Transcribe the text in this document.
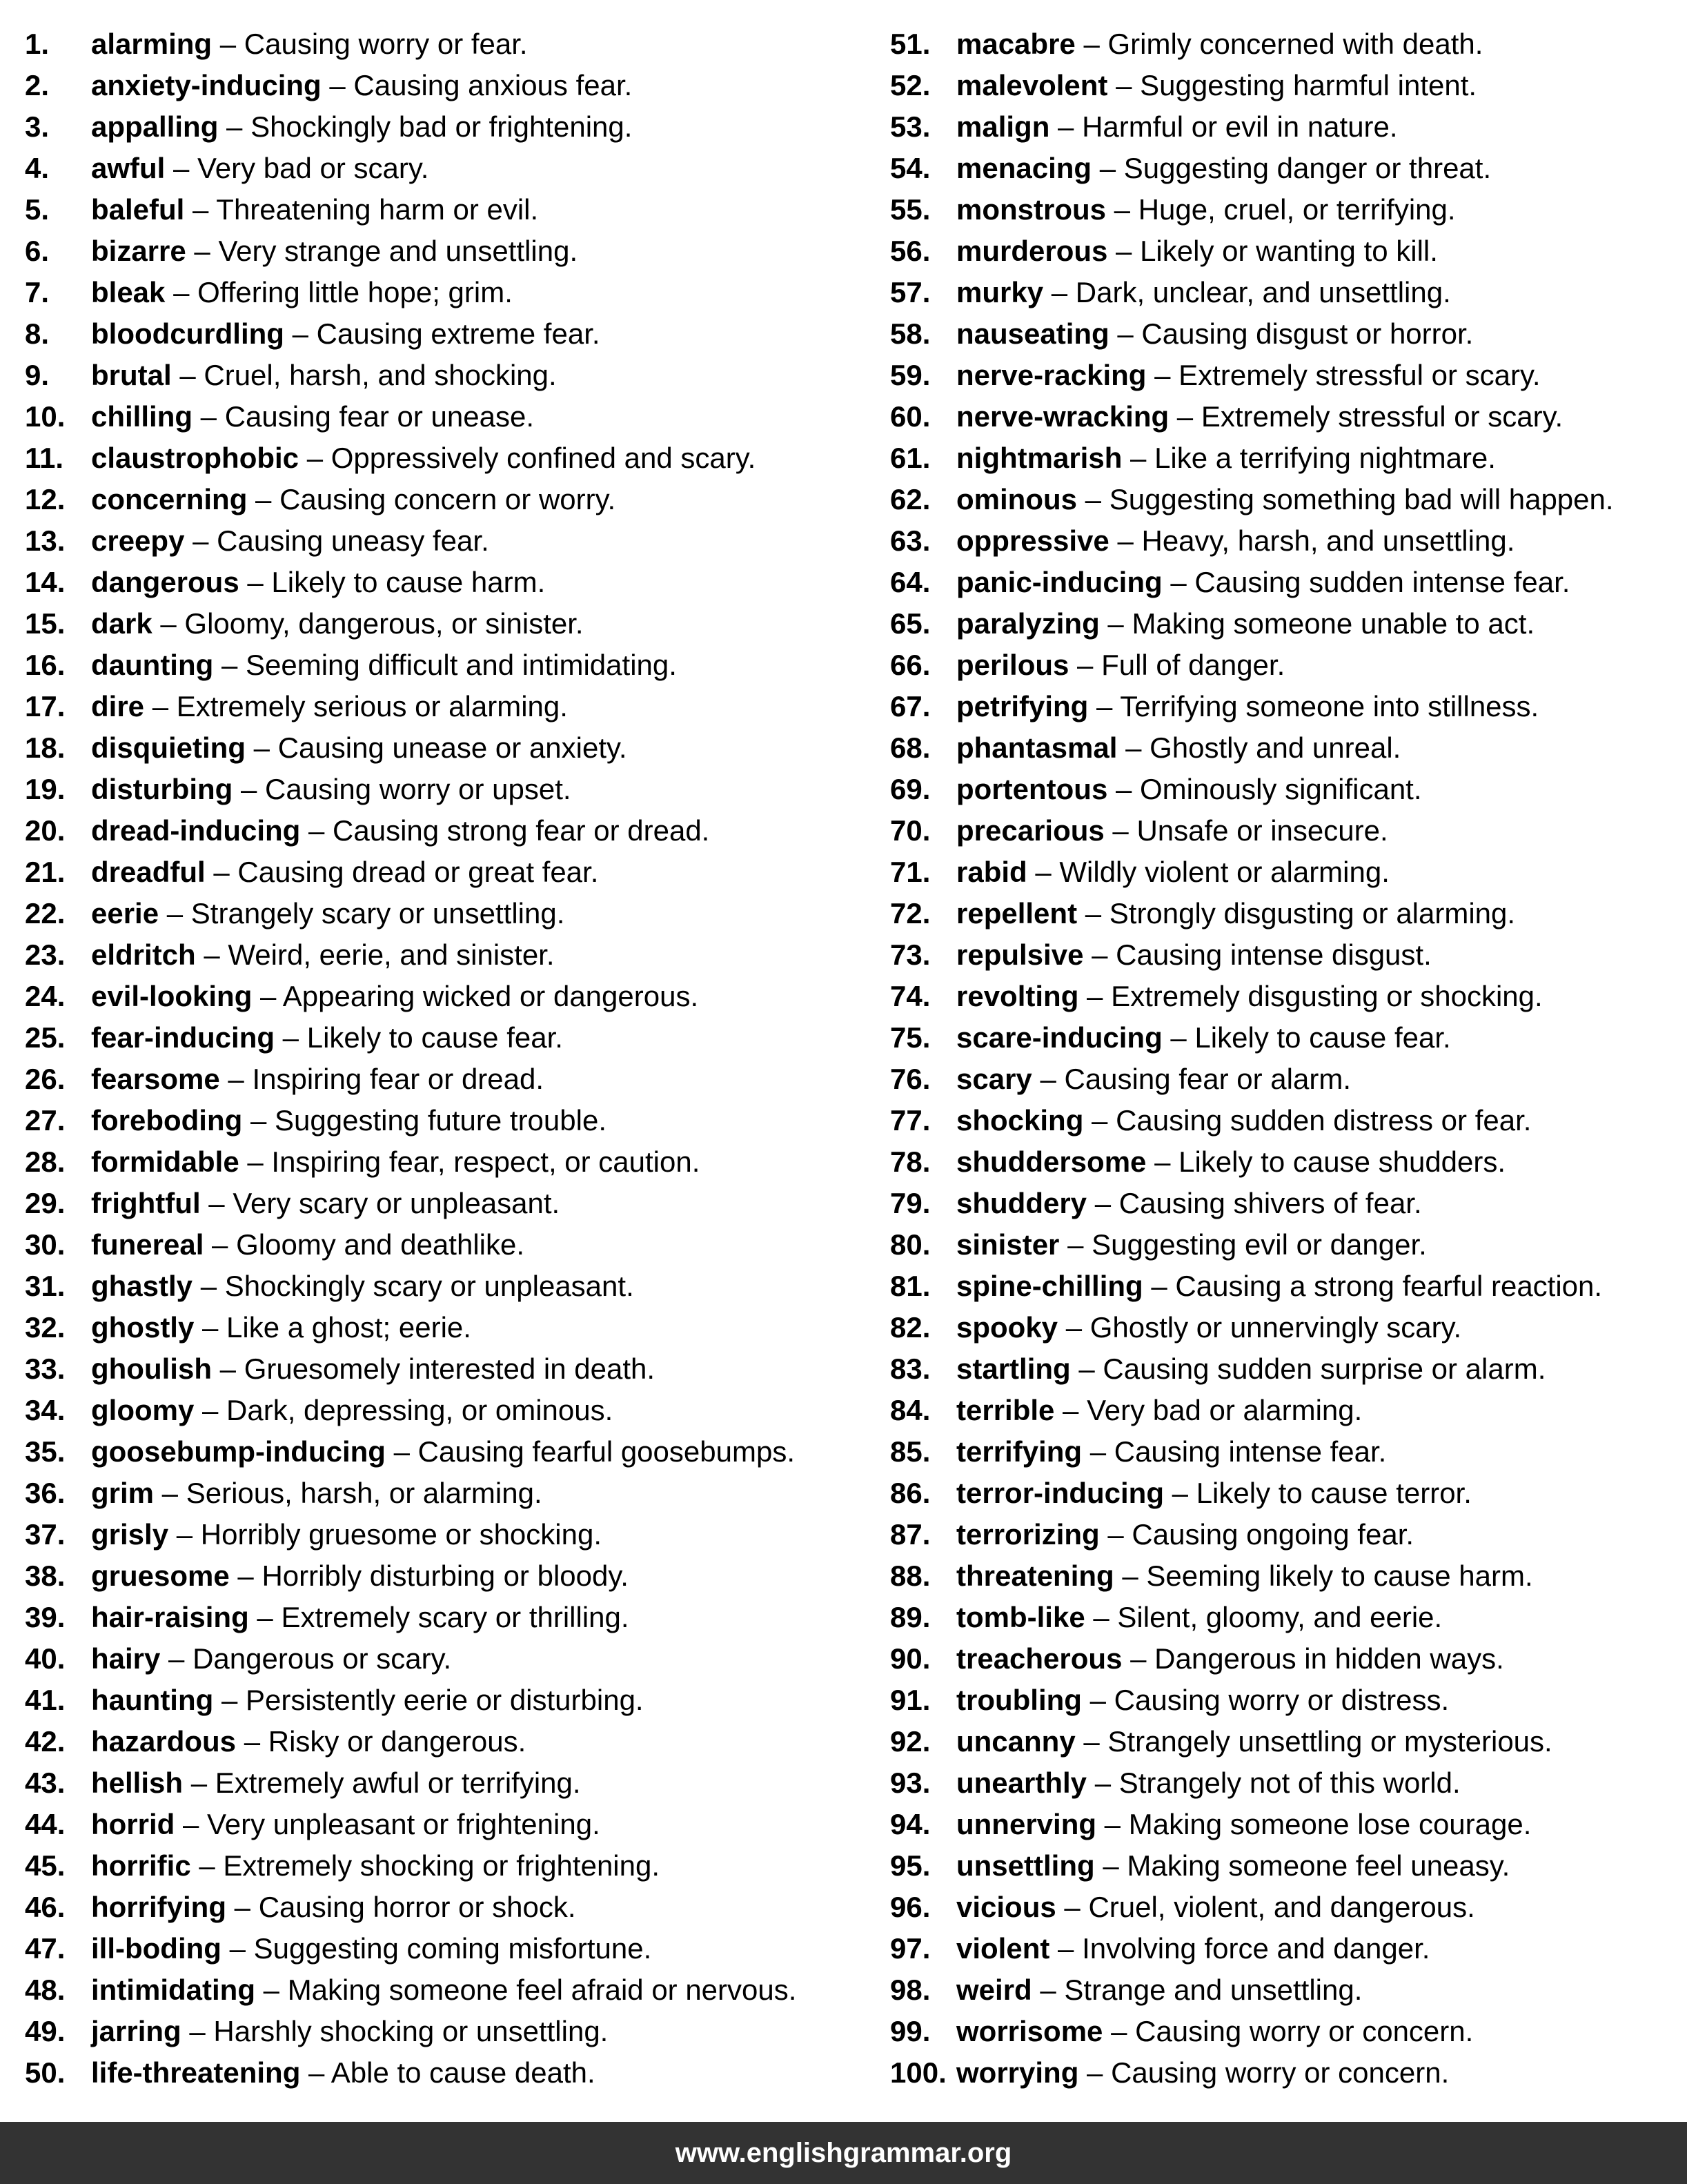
1. alarming – Causing worry or fear.
2. anxiety-inducing – Causing anxious fear.
3. appalling – Shockingly bad or frightening.
4. awful – Very bad or scary.
5. baleful – Threatening harm or evil.
6. bizarre – Very strange and unsettling.
7. bleak – Offering little hope; grim.
8. bloodcurdling – Causing extreme fear.
9. brutal – Cruel, harsh, and shocking.
10. chilling – Causing fear or unease.
11. claustrophobic – Oppressively confined and scary.
12. concerning – Causing concern or worry.
13. creepy – Causing uneasy fear.
14. dangerous – Likely to cause harm.
15. dark – Gloomy, dangerous, or sinister.
16. daunting – Seeming difficult and intimidating.
17. dire – Extremely serious or alarming.
18. disquieting – Causing unease or anxiety.
19. disturbing – Causing worry or upset.
20. dread-inducing – Causing strong fear or dread.
21. dreadful – Causing dread or great fear.
22. eerie – Strangely scary or unsettling.
23. eldritch – Weird, eerie, and sinister.
24. evil-looking – Appearing wicked or dangerous.
25. fear-inducing – Likely to cause fear.
26. fearsome – Inspiring fear or dread.
27. foreboding – Suggesting future trouble.
28. formidable – Inspiring fear, respect, or caution.
29. frightful – Very scary or unpleasant.
30. funereal – Gloomy and deathlike.
31. ghastly – Shockingly scary or unpleasant.
32. ghostly – Like a ghost; eerie.
33. ghoulish – Gruesomely interested in death.
34. gloomy – Dark, depressing, or ominous.
35. goosebump-inducing – Causing fearful goosebumps.
36. grim – Serious, harsh, or alarming.
37. grisly – Horribly gruesome or shocking.
38. gruesome – Horribly disturbing or bloody.
39. hair-raising – Extremely scary or thrilling.
40. hairy – Dangerous or scary.
41. haunting – Persistently eerie or disturbing.
42. hazardous – Risky or dangerous.
43. hellish – Extremely awful or terrifying.
44. horrid – Very unpleasant or frightening.
45. horrific – Extremely shocking or frightening.
46. horrifying – Causing horror or shock.
47. ill-boding – Suggesting coming misfortune.
48. intimidating – Making someone feel afraid or nervous.
49. jarring – Harshly shocking or unsettling.
50. life-threatening – Able to cause death.
51. macabre – Grimly concerned with death.
52. malevolent – Suggesting harmful intent.
53. malign – Harmful or evil in nature.
54. menacing – Suggesting danger or threat.
55. monstrous – Huge, cruel, or terrifying.
56. murderous – Likely or wanting to kill.
57. murky – Dark, unclear, and unsettling.
58. nauseating – Causing disgust or horror.
59. nerve-racking – Extremely stressful or scary.
60. nerve-wracking – Extremely stressful or scary.
61. nightmarish – Like a terrifying nightmare.
62. ominous – Suggesting something bad will happen.
63. oppressive – Heavy, harsh, and unsettling.
64. panic-inducing – Causing sudden intense fear.
65. paralyzing – Making someone unable to act.
66. perilous – Full of danger.
67. petrifying – Terrifying someone into stillness.
68. phantasmal – Ghostly and unreal.
69. portentous – Ominously significant.
70. precarious – Unsafe or insecure.
71. rabid – Wildly violent or alarming.
72. repellent – Strongly disgusting or alarming.
73. repulsive – Causing intense disgust.
74. revolting – Extremely disgusting or shocking.
75. scare-inducing – Likely to cause fear.
76. scary – Causing fear or alarm.
77. shocking – Causing sudden distress or fear.
78. shuddersome – Likely to cause shudders.
79. shuddery – Causing shivers of fear.
80. sinister – Suggesting evil or danger.
81. spine-chilling – Causing a strong fearful reaction.
82. spooky – Ghostly or unnervingly scary.
83. startling – Causing sudden surprise or alarm.
84. terrible – Very bad or alarming.
85. terrifying – Causing intense fear.
86. terror-inducing – Likely to cause terror.
87. terrorizing – Causing ongoing fear.
88. threatening – Seeming likely to cause harm.
89. tomb-like – Silent, gloomy, and eerie.
90. treacherous – Dangerous in hidden ways.
91. troubling – Causing worry or distress.
92. uncanny – Strangely unsettling or mysterious.
93. unearthly – Strangely not of this world.
94. unnerving – Making someone lose courage.
95. unsettling – Making someone feel uneasy.
96. vicious – Cruel, violent, and dangerous.
97. violent – Involving force and danger.
98. weird – Strange and unsettling.
99. worrisome – Causing worry or concern.
100. worrying – Causing worry or concern.
www.englishgrammar.org
